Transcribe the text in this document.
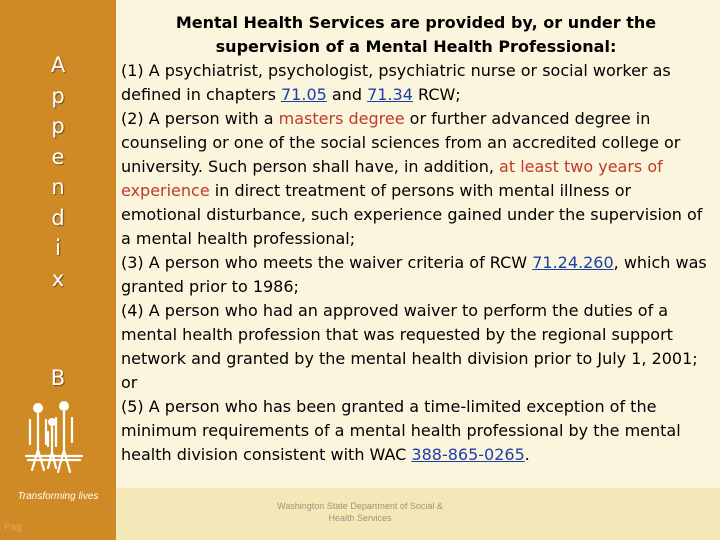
A
p
p
e
n
d
i
x
B
Transforming lives
Pag
Washington State Department of Social &
Health Services

Mental Health Services are provided by, or under the supervision of a Mental Health Professional:

(1) A psychiatrist, psychologist, psychiatric nurse or social worker as defined in chapters 71.05 and 71.34 RCW;
(2) A person with a masters degree or further advanced degree in counseling or one of the social sciences from an accredited college or university. Such person shall have, in addition, at least two years of experience in direct treatment of persons with mental illness or emotional disturbance, such experience gained under the supervision of a mental health professional;
(3) A person who meets the waiver criteria of RCW 71.24.260, which was granted prior to 1986;
(4) A person who had an approved waiver to perform the duties of a mental health profession that was requested by the regional support network and granted by the mental health division prior to July 1, 2001; or
(5) A person who has been granted a time-limited exception of the minimum requirements of a mental health professional by the mental health division consistent with WAC 388-865-0265.
